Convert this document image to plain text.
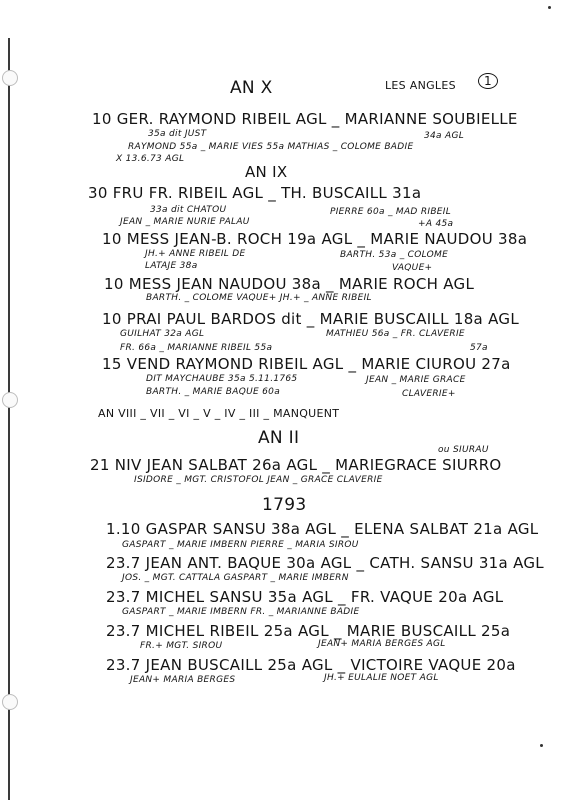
AN X	LES ANGLES	1

10 GER. RAYMOND RIBEIL AGL _ MARIANNE SOUBIELLE

35a dit JUST	34a AGL

RAYMOND 55a _ MARIE VIES 55a MATHIAS _ COLOME BADIE

X 13.6.73 AGL

AN IX

30 FRU FR. RIBEIL AGL _ TH. BUSCAILL 31a

33a dit CHATOU	PIERRE 60a _ MAD RIBEIL

JEAN _ MARIE NURIE PALAU	+A 45a

10 MESS JEAN-B. ROCH 19a AGL _ MARIE NAUDOU 38a

JH.+ ANNE RIBEIL DE	BARTH. 53a _ COLOME

LATAJE 38a	VAQUE+

10 MESS JEAN NAUDOU 38a _ MARIE ROCH AGL

BARTH. _ COLOME VAQUE+ JH.+ _ ANNE RIBEIL

10 PRAI PAUL BARDOS dit _ MARIE BUSCAILL 18a AGL

GUILHAT 32a AGL	MATHIEU 56a _ FR. CLAVERIE

FR. 66a _ MARIANNE RIBEIL 55a	57a

15 VEND RAYMOND RIBEIL AGL _ MARIE CIUROU 27a

DIT MAYCHAUBE 35a 5.11.1765	JEAN _ MARIE GRACE

BARTH. _ MARIE BAQUE 60a	CLAVERIE+

AN VIII _ VII _ VI _ V _ IV _ III _ MANQUENT

AN II

ou SIURAU

21 NIV JEAN SALBAT 26a AGL _ MARIEGRACE SIURRO

ISIDORE _ MGT. CRISTOFOL JEAN _ GRACE CLAVERIE

1793

1.10 GASPAR SANSU 38a AGL _ ELENA SALBAT 21a AGL

GASPART _ MARIE IMBERN PIERRE _ MARIA SIROU

23.7 JEAN ANT. BAQUE 30a AGL _ CATH. SANSU 31a AGL

JOS. _ MGT. CATTALA GASPART _ MARIE IMBERN

23.7 MICHEL SANSU 35a AGL _ FR. VAQUE 20a AGL

GASPART _ MARIE IMBERN FR. _ MARIANNE BADIE

23.7 MICHEL RIBEIL 25a AGL _ MARIE BUSCAILL 25a

FR.+ MGT. SIROU	JEAN+ MARIA BERGES AGL

23.7 JEAN BUSCAILL 25a AGL _ VICTOIRE VAQUE 20a

JEAN+ MARIA BERGES	JH.+ EULALIE NOET AGL
